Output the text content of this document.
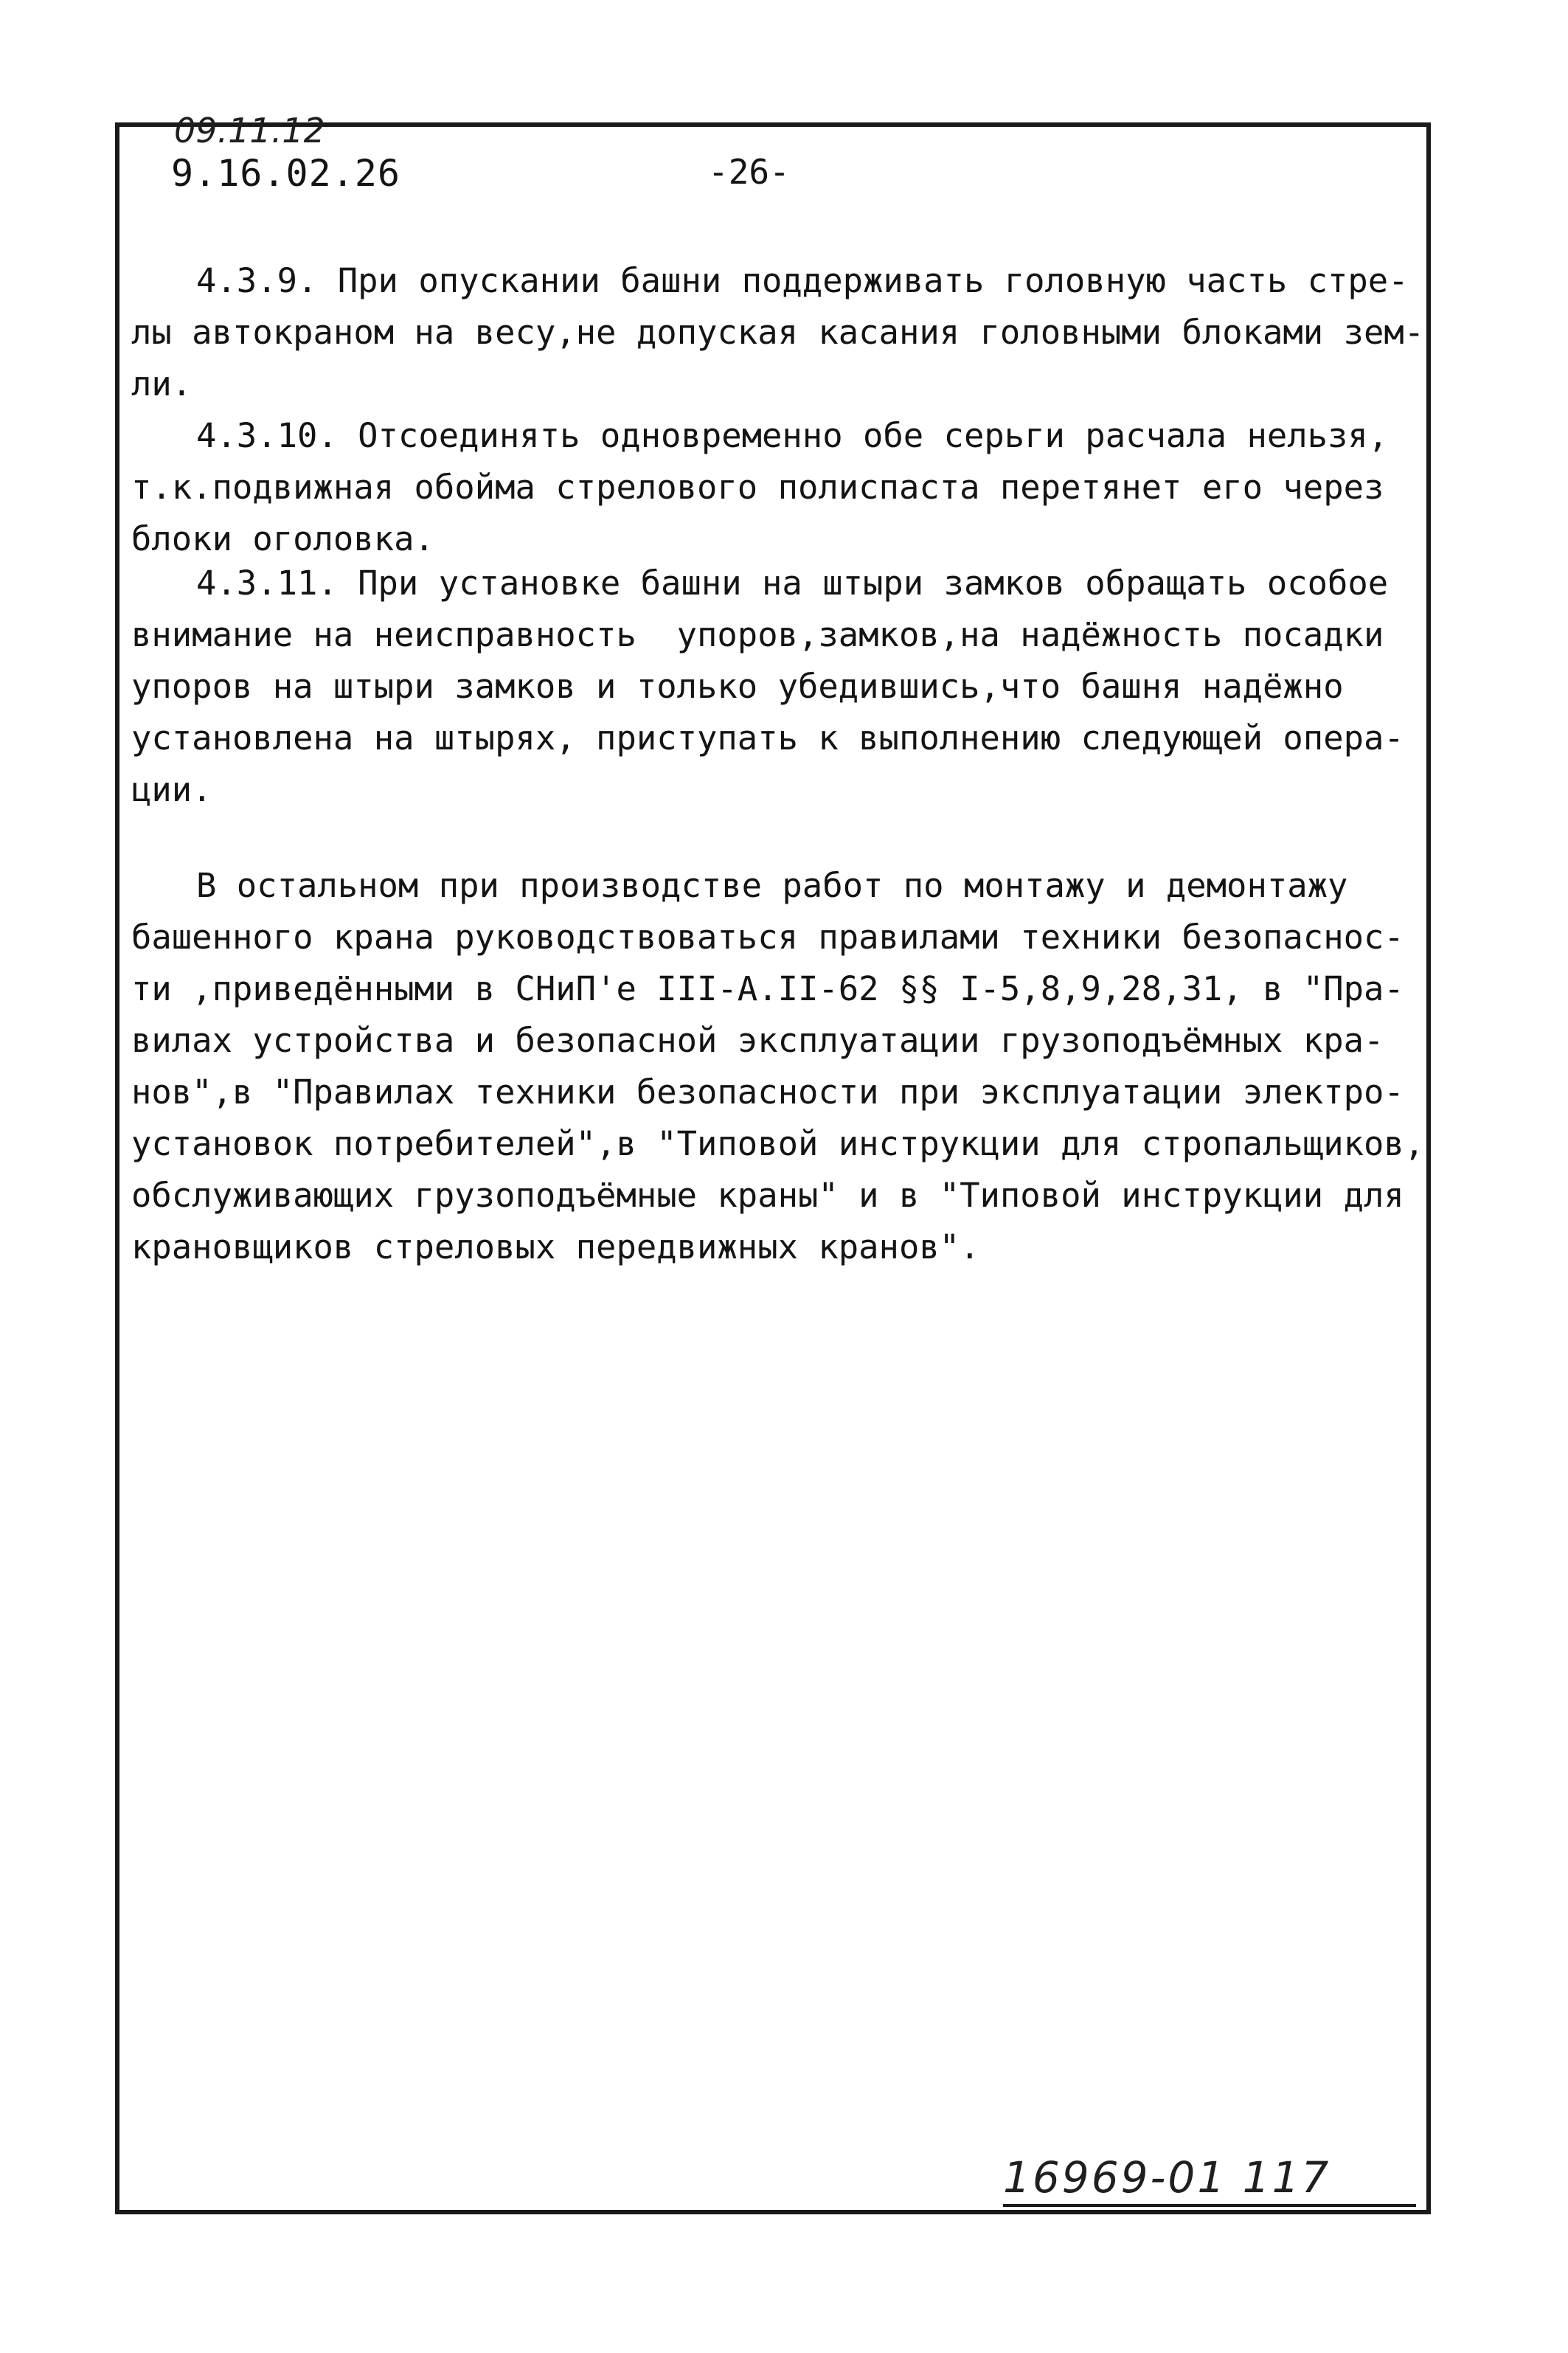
09.11.12
9.16.02.26	-26-
4.3.9. При опускании башни поддерживать головную часть стре-
лы автокраном на весу,не допуская касания головными блоками зем-
ли.
4.3.10. Отсоединять одновременно обе серьги расчала нельзя,
т.к.подвижная обойма стрелового полиспаста перетянет его через
блоки оголовка.
4.3.11. При установке башни на штыри замков обращать особое
внимание на неисправность  упоров,замков,на надёжность посадки
упоров на штыри замков и только убедившись,что башня надёжно
установлена на штырях, приступать к выполнению следующей опера-
ции.
В остальном при производстве работ по монтажу и демонтажу
башенного крана руководствоваться правилами техники безопаснос-
ти ,приведёнными в СНиП'е III-А.II-62 §§ I-5,8,9,28,31, в "Пра-
вилах устройства и безопасной эксплуатации грузоподъёмных кра-
нов",в "Правилах техники безопасности при эксплуатации электро-
установок потребителей",в "Типовой инструкции для стропальщиков,
обслуживающих грузоподъёмные краны" и в "Типовой инструкции для
крановщиков стреловых передвижных кранов".
16969-01 117
